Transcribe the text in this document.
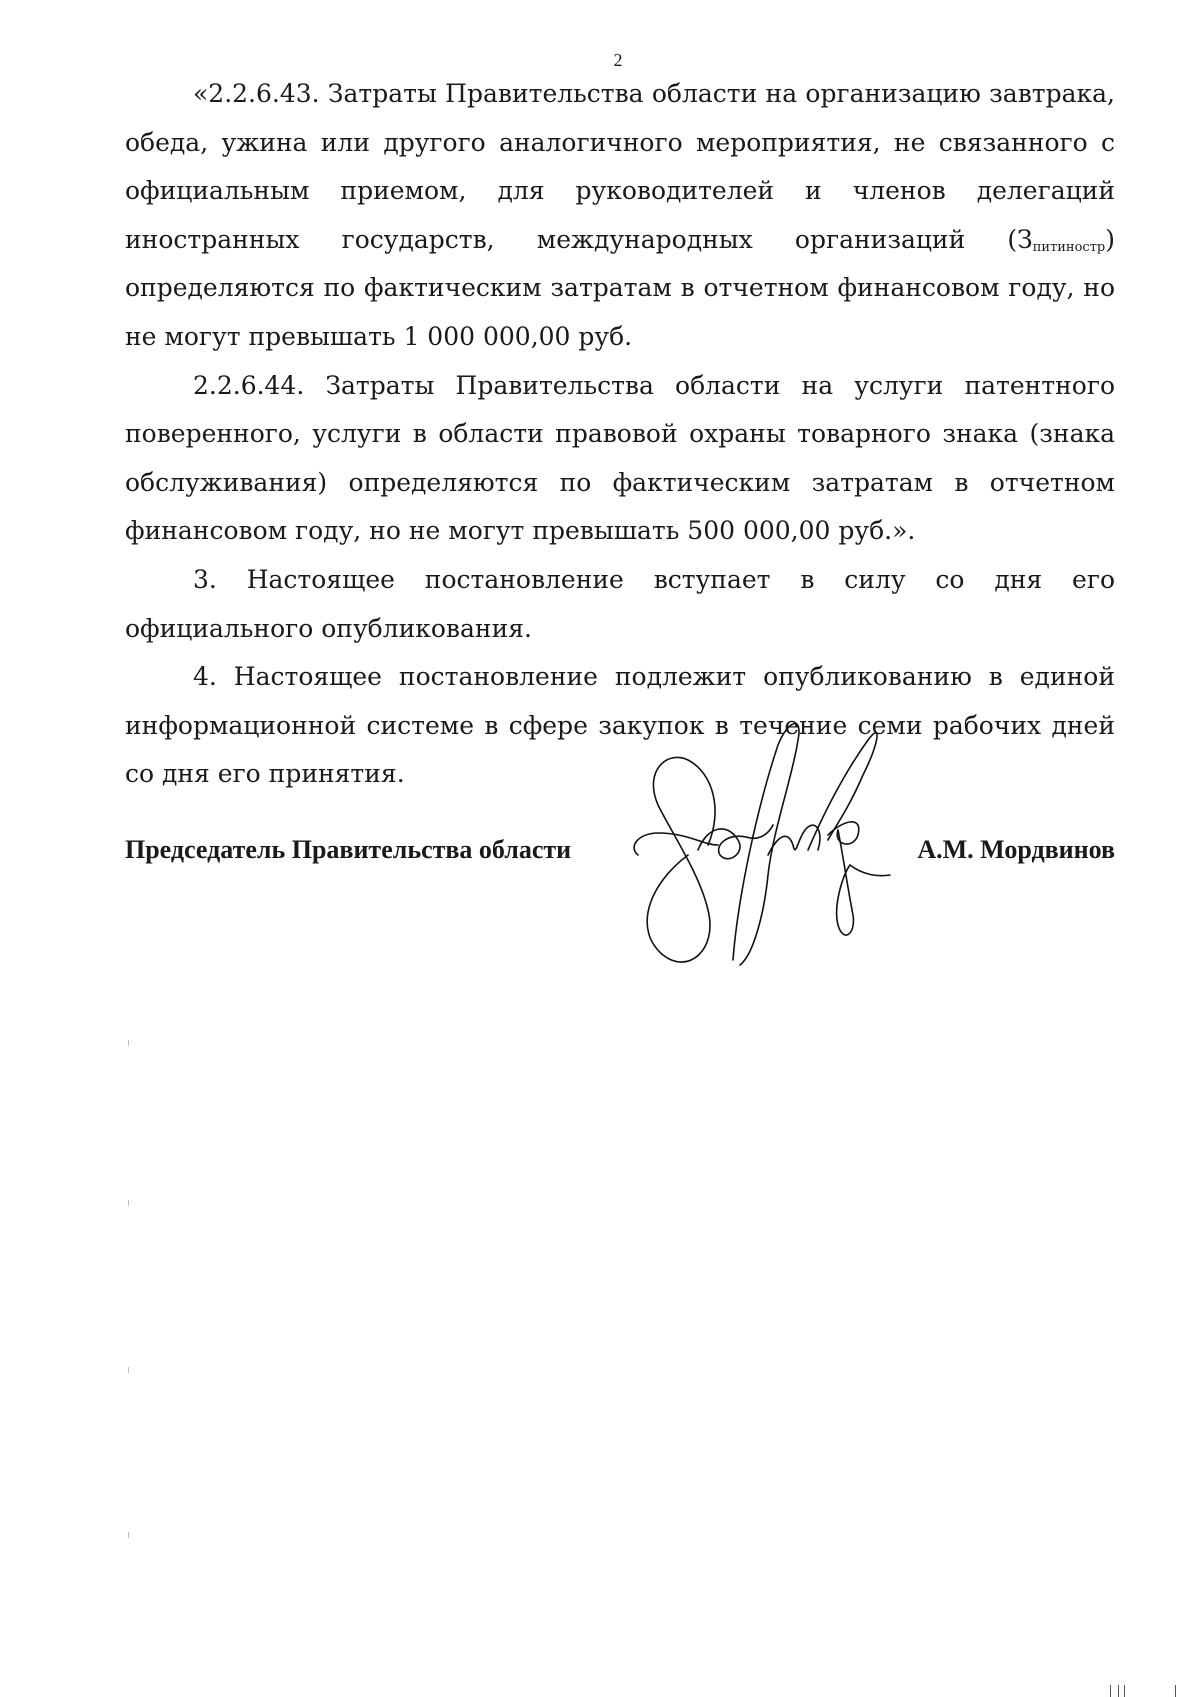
2

«2.2.6.43. Затраты Правительства области на организацию завтрака, обеда, ужина или другого аналогичного мероприятия, не связанного с официальным приемом, для руководителей и членов делегаций иностранных государств, международных организаций $(З_{питиностр})$ определяются по фактическим затратам в отчетном финансовом году, но не могут превышать 1 000 000,00 руб.

2.2.6.44. Затраты Правительства области на услуги патентного поверенного, услуги в области правовой охраны товарного знака (знака обслуживания) определяются по фактическим затратам в отчетном финансовом году, но не могут превышать 500 000,00 руб.».

3. Настоящее постановление вступает в силу со дня его официального опубликования.

4. Настоящее постановление подлежит опубликованию в единой информационной системе в сфере закупок в течение семи рабочих дней со дня его принятия.

Председатель Правительства области	А.М. Мордвинов
